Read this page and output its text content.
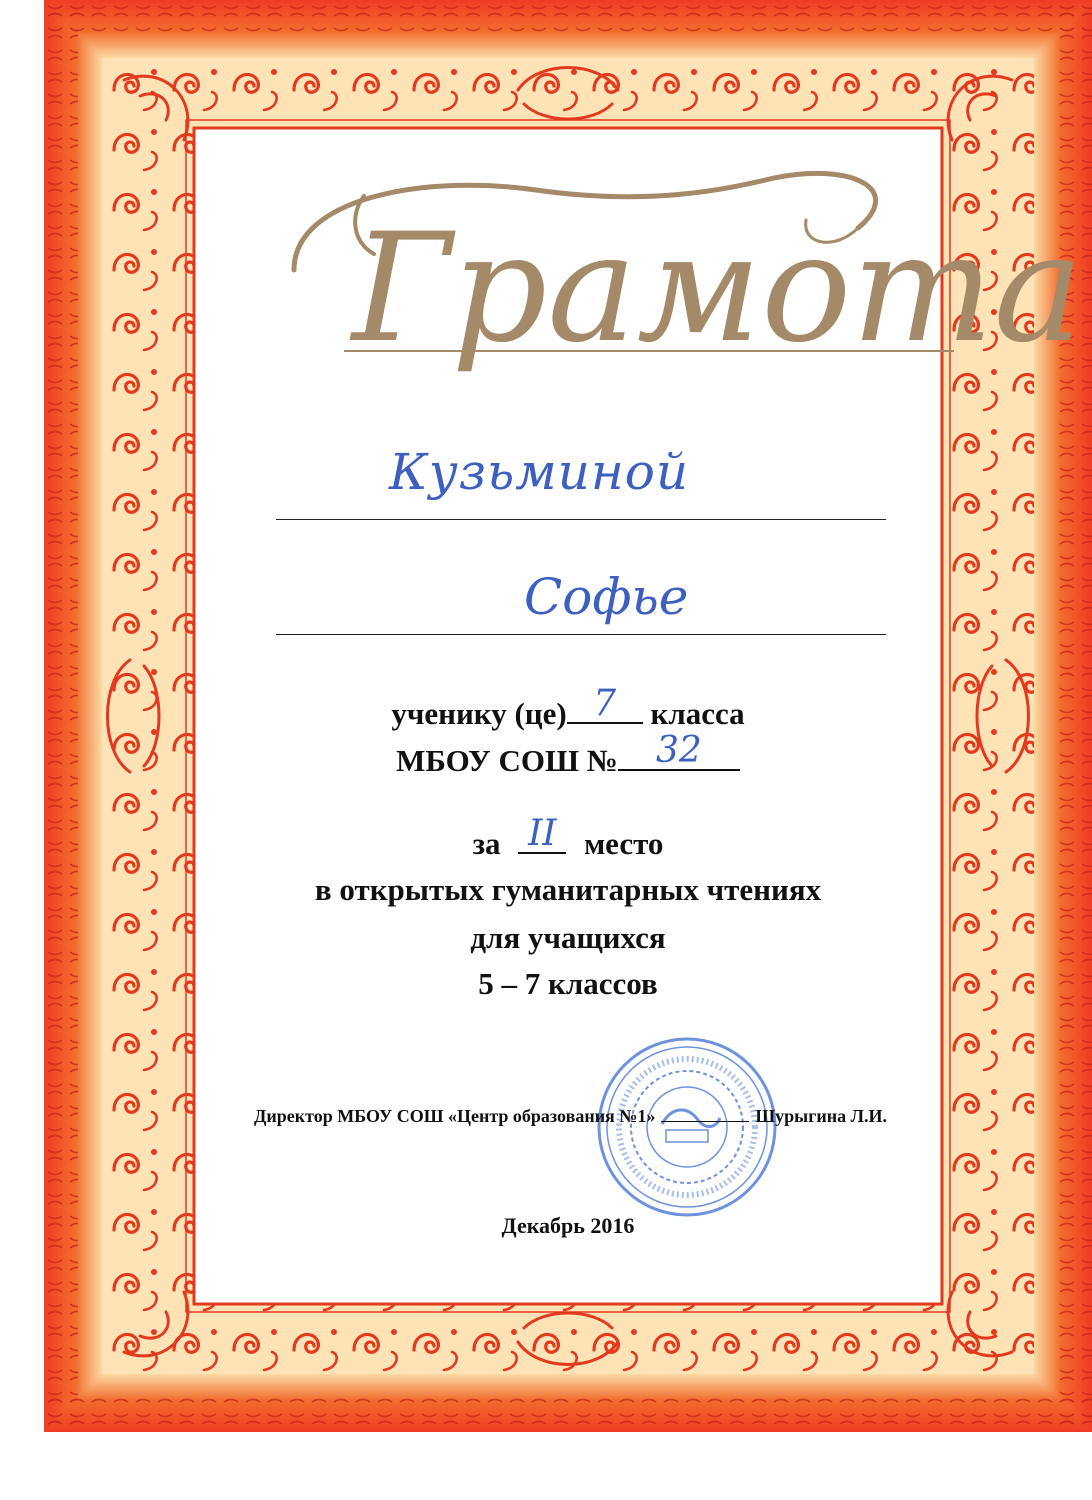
Грамота
Кузьминой
Софье
ученику (це) 7 класса
МБОУ СОШ № 32
за II место
в открытых гуманитарных чтениях
для учащихся
5 – 7 классов
Директор МБОУ СОШ «Центр образования №1»	Шурыгина Л.И.
Декабрь 2016
